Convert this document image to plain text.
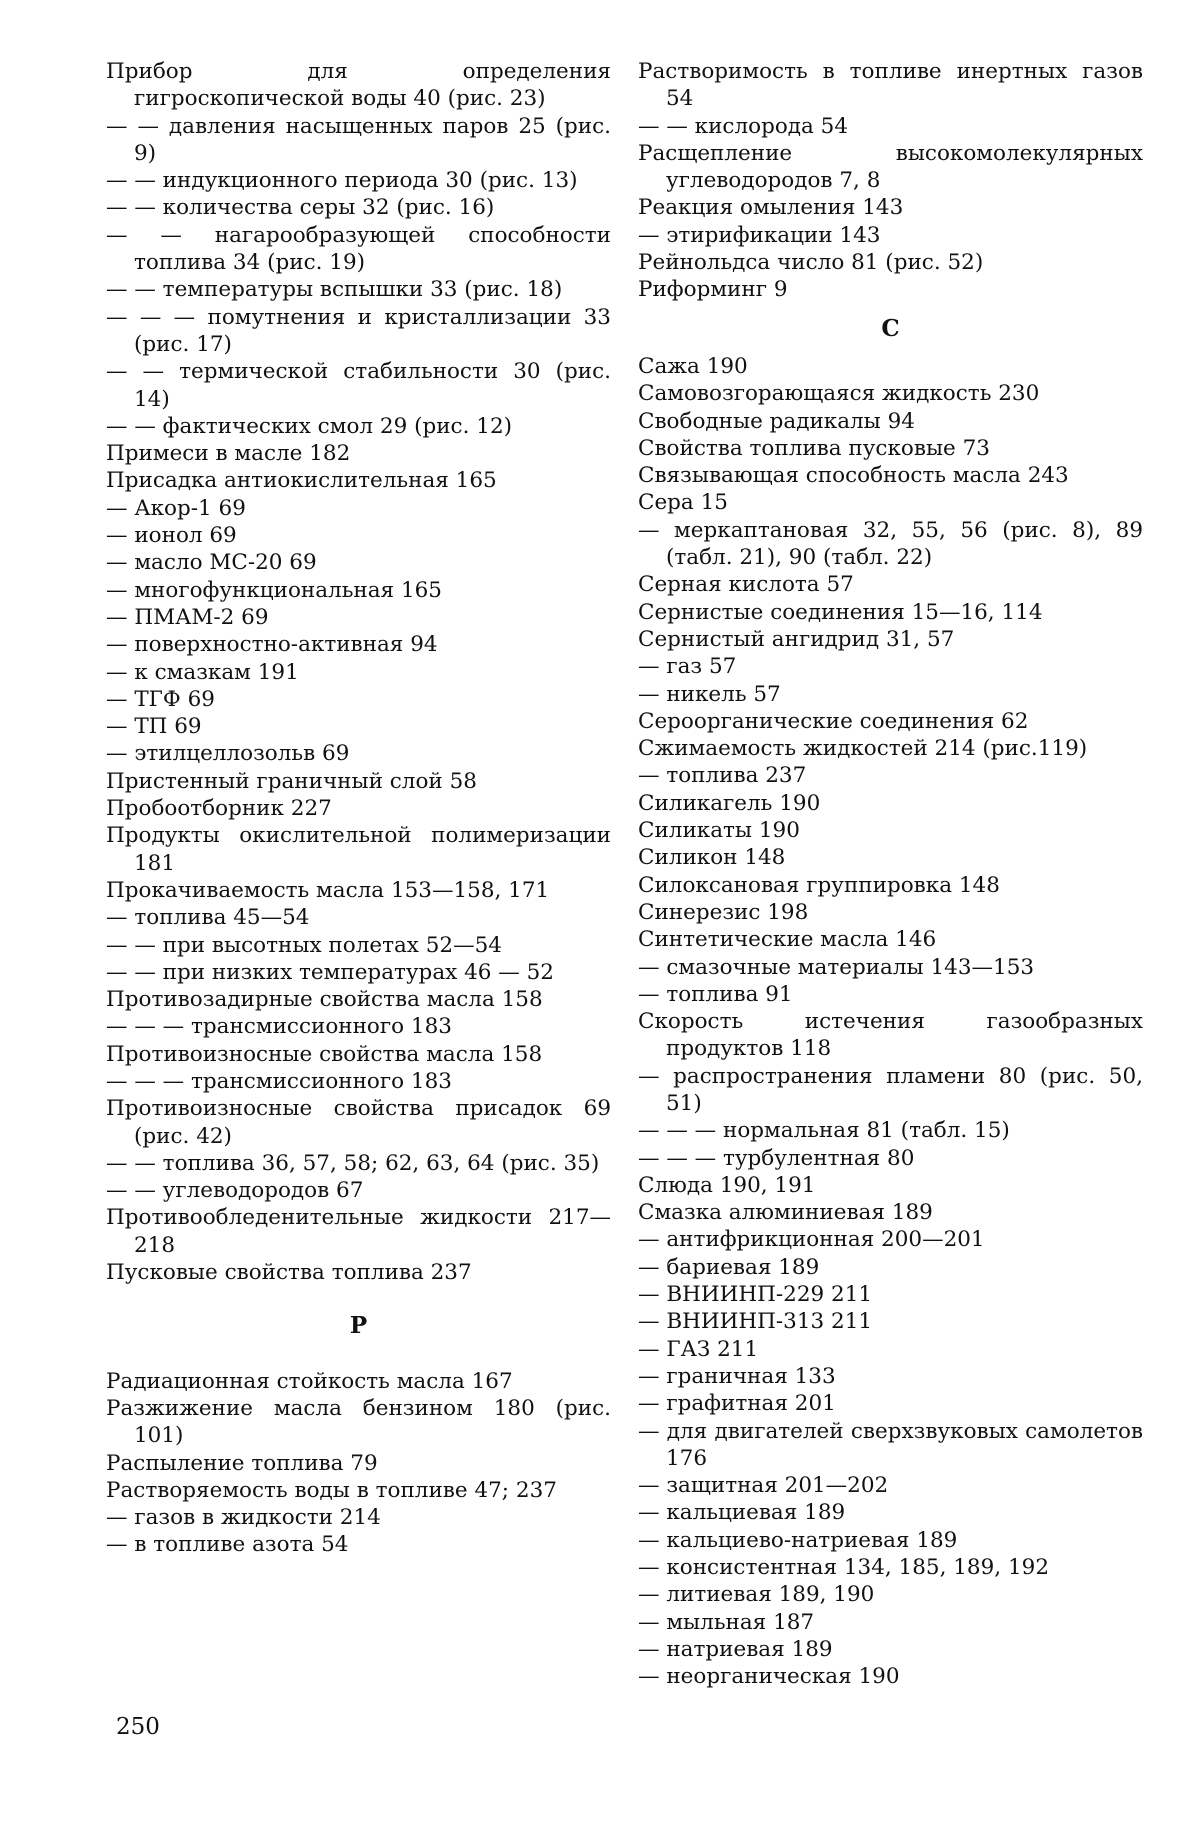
Прибор для определения гигроскопической воды 40 (рис. 23)

— — давления насыщенных паров 25 (рис. 9)

— — индукционного периода 30 (рис. 13)

— — количества серы 32 (рис. 16)

— — нагарообразующей способности топлива 34 (рис. 19)

— — температуры вспышки 33 (рис. 18)

— — — помутнения и кристаллизации 33 (рис. 17)

— — термической стабильности 30 (рис. 14)

— — фактических смол 29 (рис. 12)

Примеси в масле 182

Присадка антиокислительная 165

— Акор-1 69

— ионол 69

— масло МС-20 69

— многофункциональная 165

— ПМАМ-2 69

— поверхностно-активная 94

— к смазкам 191

— ТГФ 69

— ТП 69

— этилцеллозольв 69

Пристенный граничный слой 58

Пробоотборник 227

Продукты окислительной полимеризации 181

Прокачиваемость масла 153—158, 171

— топлива 45—54

— — при высотных полетах 52—54

— — при низких температурах 46 — 52

Противозадирные свойства масла 158

— — — трансмиссионного 183

Противоизносные свойства масла 158

— — — трансмиссионного 183

Противоизносные свойства присадок 69 (рис. 42)

— — топлива 36, 57, 58; 62, 63, 64 (рис. 35)

— — углеводородов 67

Противообледенительные жидкости 217—218

Пусковые свойства топлива 237

Р

Радиационная стойкость масла 167

Разжижение масла бензином 180 (рис. 101)

Распыление топлива 79

Растворяемость воды в топливе 47; 237

— газов в жидкости 214

— в топливе азота 54

Растворимость в топливе инертных газов 54

— — кислорода 54

Расщепление высокомолекулярных углеводородов 7, 8

Реакция омыления 143

— этирификации 143

Рейнольдса число 81 (рис. 52)

Риформинг 9

С

Сажа 190

Самовозгорающаяся жидкость 230

Свободные радикалы 94

Свойства топлива пусковые 73

Связывающая способность масла 243

Сера 15

— меркаптановая 32, 55, 56 (рис. 8), 89 (табл. 21), 90 (табл. 22)

Серная кислота 57

Сернистые соединения 15—16, 114

Сернистый ангидрид 31, 57

— газ 57

— никель 57

Сероорганические соединения 62

Сжимаемость жидкостей 214 (рис.119)

— топлива 237

Силикагель 190

Силикаты 190

Силикон 148

Силоксановая группировка 148

Синерезис 198

Синтетические масла 146

— смазочные материалы 143—153

— топлива 91

Скорость истечения газообразных продуктов 118

— распространения пламени 80 (рис. 50, 51)

— — — нормальная 81 (табл. 15)

— — — турбулентная 80

Слюда 190, 191

Смазка алюминиевая 189

— антифрикционная 200—201

— бариевая 189

— ВНИИНП-229 211

— ВНИИНП-313 211

— ГАЗ 211

— граничная 133

— графитная 201

— для двигателей сверхзвуковых самолетов 176

— защитная 201—202

— кальциевая 189

— кальциево-натриевая 189

— консистентная 134, 185, 189, 192

— литиевая 189, 190

— мыльная 187

— натриевая 189

— неорганическая 190

250
